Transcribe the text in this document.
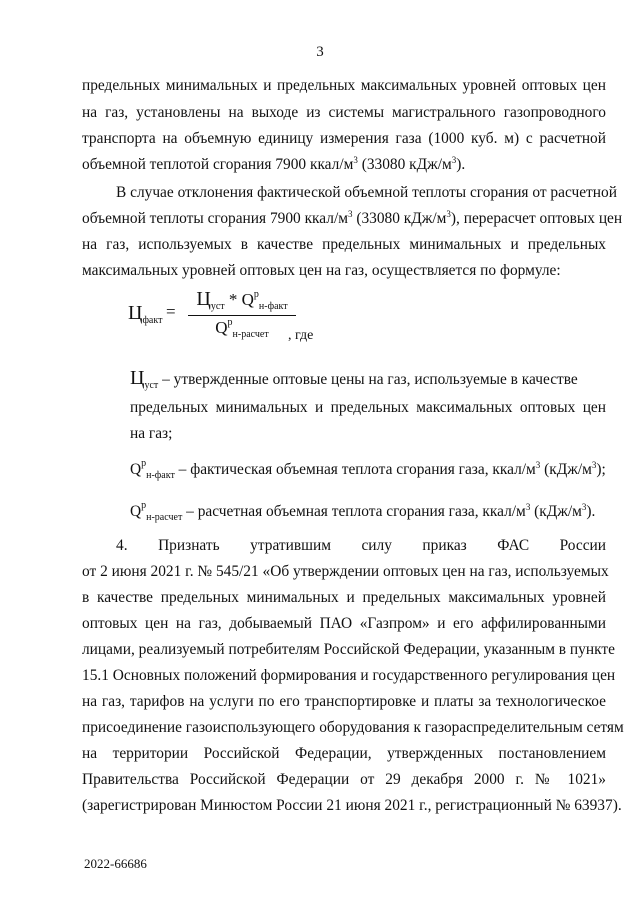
3
предельных минимальных и предельных максимальных уровней оптовых цен
на газ, установлены на выходе из системы магистрального газопроводного
транспорта на объемную единицу измерения газа (1000 куб. м) с расчетной
объемной теплотой сгорания 7900 ккал/$м^3$ (33080 кДж/$м^3$).
В случае отклонения фактической объемной теплоты сгорания от расчетной
объемной теплоты сгорания 7900 ккал/$м^3$ (33080 кДж/$м^3$), перерасчет оптовых цен
на газ, используемых в качестве предельных минимальных и предельных
максимальных уровней оптовых цен на газ, осуществляется по формуле:
$Ц_{факт}$ =
$Ц_{уст} * Q^р_{н-факт}$
$Q^р_{н-расчет}$	, где
$Ц_{уст}$ – утвержденные оптовые цены на газ, используемые в качестве
предельных минимальных и предельных максимальных оптовых цен
на газ;
$Q^р_{н-факт}$ – фактическая объемная теплота сгорания газа, ккал/$м^3$ $(кДж/м^3)$;
$Q^р_{н-расчет}$ – расчетная объемная теплота сгорания газа, ккал/$м^3$ $(кДж/м^3)$.
4. Признать утратившим силу приказ ФАС России
от 2 июня 2021 г. № 545/21 «Об утверждении оптовых цен на газ, используемых
в качестве предельных минимальных и предельных максимальных уровней
оптовых цен на газ, добываемый ПАО «Газпром» и его аффилированными
лицами, реализуемый потребителям Российской Федерации, указанным в пункте
15.1 Основных положений формирования и государственного регулирования цен
на газ, тарифов на услуги по его транспортировке и платы за технологическое
присоединение газоиспользующего оборудования к газораспределительным сетям
на территории Российской Федерации, утвержденных постановлением
Правительства Российской Федерации от 29 декабря 2000 г. № 1021»
(зарегистрирован Минюстом России 21 июня 2021 г., регистрационный № 63937).
2022-66686
